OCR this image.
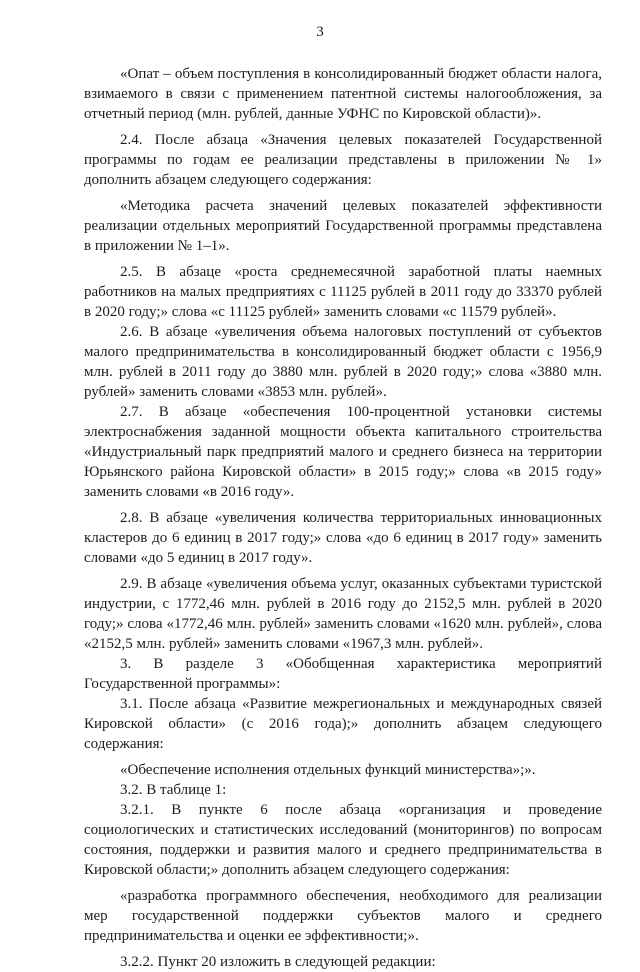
3

«Опат – объем поступления в консолидированный бюджет области налога, взимаемого в связи с применением патентной системы налогообложения, за отчетный период (млн. рублей, данные УФНС по Кировской области)».

2.4. После абзаца «Значения целевых показателей Государственной программы по годам ее реализации представлены в приложении № 1» дополнить абзацем следующего содержания:

«Методика расчета значений целевых показателей эффективности реализации отдельных мероприятий Государственной программы представлена в приложении № 1–1».

2.5. В абзаце «роста среднемесячной заработной платы наемных работников на малых предприятиях с 11125 рублей в 2011 году до 33370 рублей в 2020 году;» слова «с 11125 рублей» заменить словами «с 11579 рублей».

2.6. В абзаце «увеличения объема налоговых поступлений от субъектов малого предпринимательства в консолидированный бюджет области с 1956,9 млн. рублей в 2011 году до 3880 млн. рублей в 2020 году;» слова «3880 млн. рублей» заменить словами «3853 млн. рублей».

2.7. В абзаце «обеспечения 100-процентной установки системы электроснабжения заданной мощности объекта капитального строительства «Индустриальный парк предприятий малого и среднего бизнеса на территории Юрьянского района Кировской области» в 2015 году;» слова «в 2015 году» заменить словами «в 2016 году».

2.8. В абзаце «увеличения количества территориальных инновационных кластеров до 6 единиц в 2017 году;» слова «до 6 единиц в 2017 году» заменить словами «до 5 единиц в 2017 году».

2.9. В абзаце «увеличения объема услуг, оказанных субъектами туристской индустрии, с 1772,46 млн. рублей в 2016 году до 2152,5 млн. рублей в 2020 году;» слова «1772,46 млн. рублей» заменить словами «1620 млн. рублей», слова «2152,5 млн. рублей» заменить словами «1967,3 млн. рублей».

3. В разделе 3 «Обобщенная характеристика мероприятий Государственной программы»:

3.1. После абзаца «Развитие межрегиональных и международных связей Кировской области» (с 2016 года);» дополнить абзацем следующего содержания:

«Обеспечение исполнения отдельных функций министерства»;».

3.2. В таблице 1:

3.2.1. В пункте 6 после абзаца «организация и проведение социологических и статистических исследований (мониторингов) по вопросам состояния, поддержки и развития малого и среднего предпринимательства в Кировской области;» дополнить абзацем следующего содержания:

«разработка программного обеспечения, необходимого для реализации мер государственной поддержки субъектов малого и среднего предпринимательства и оценки ее эффективности;».

3.2.2. Пункт 20 изложить в следующей редакции:
